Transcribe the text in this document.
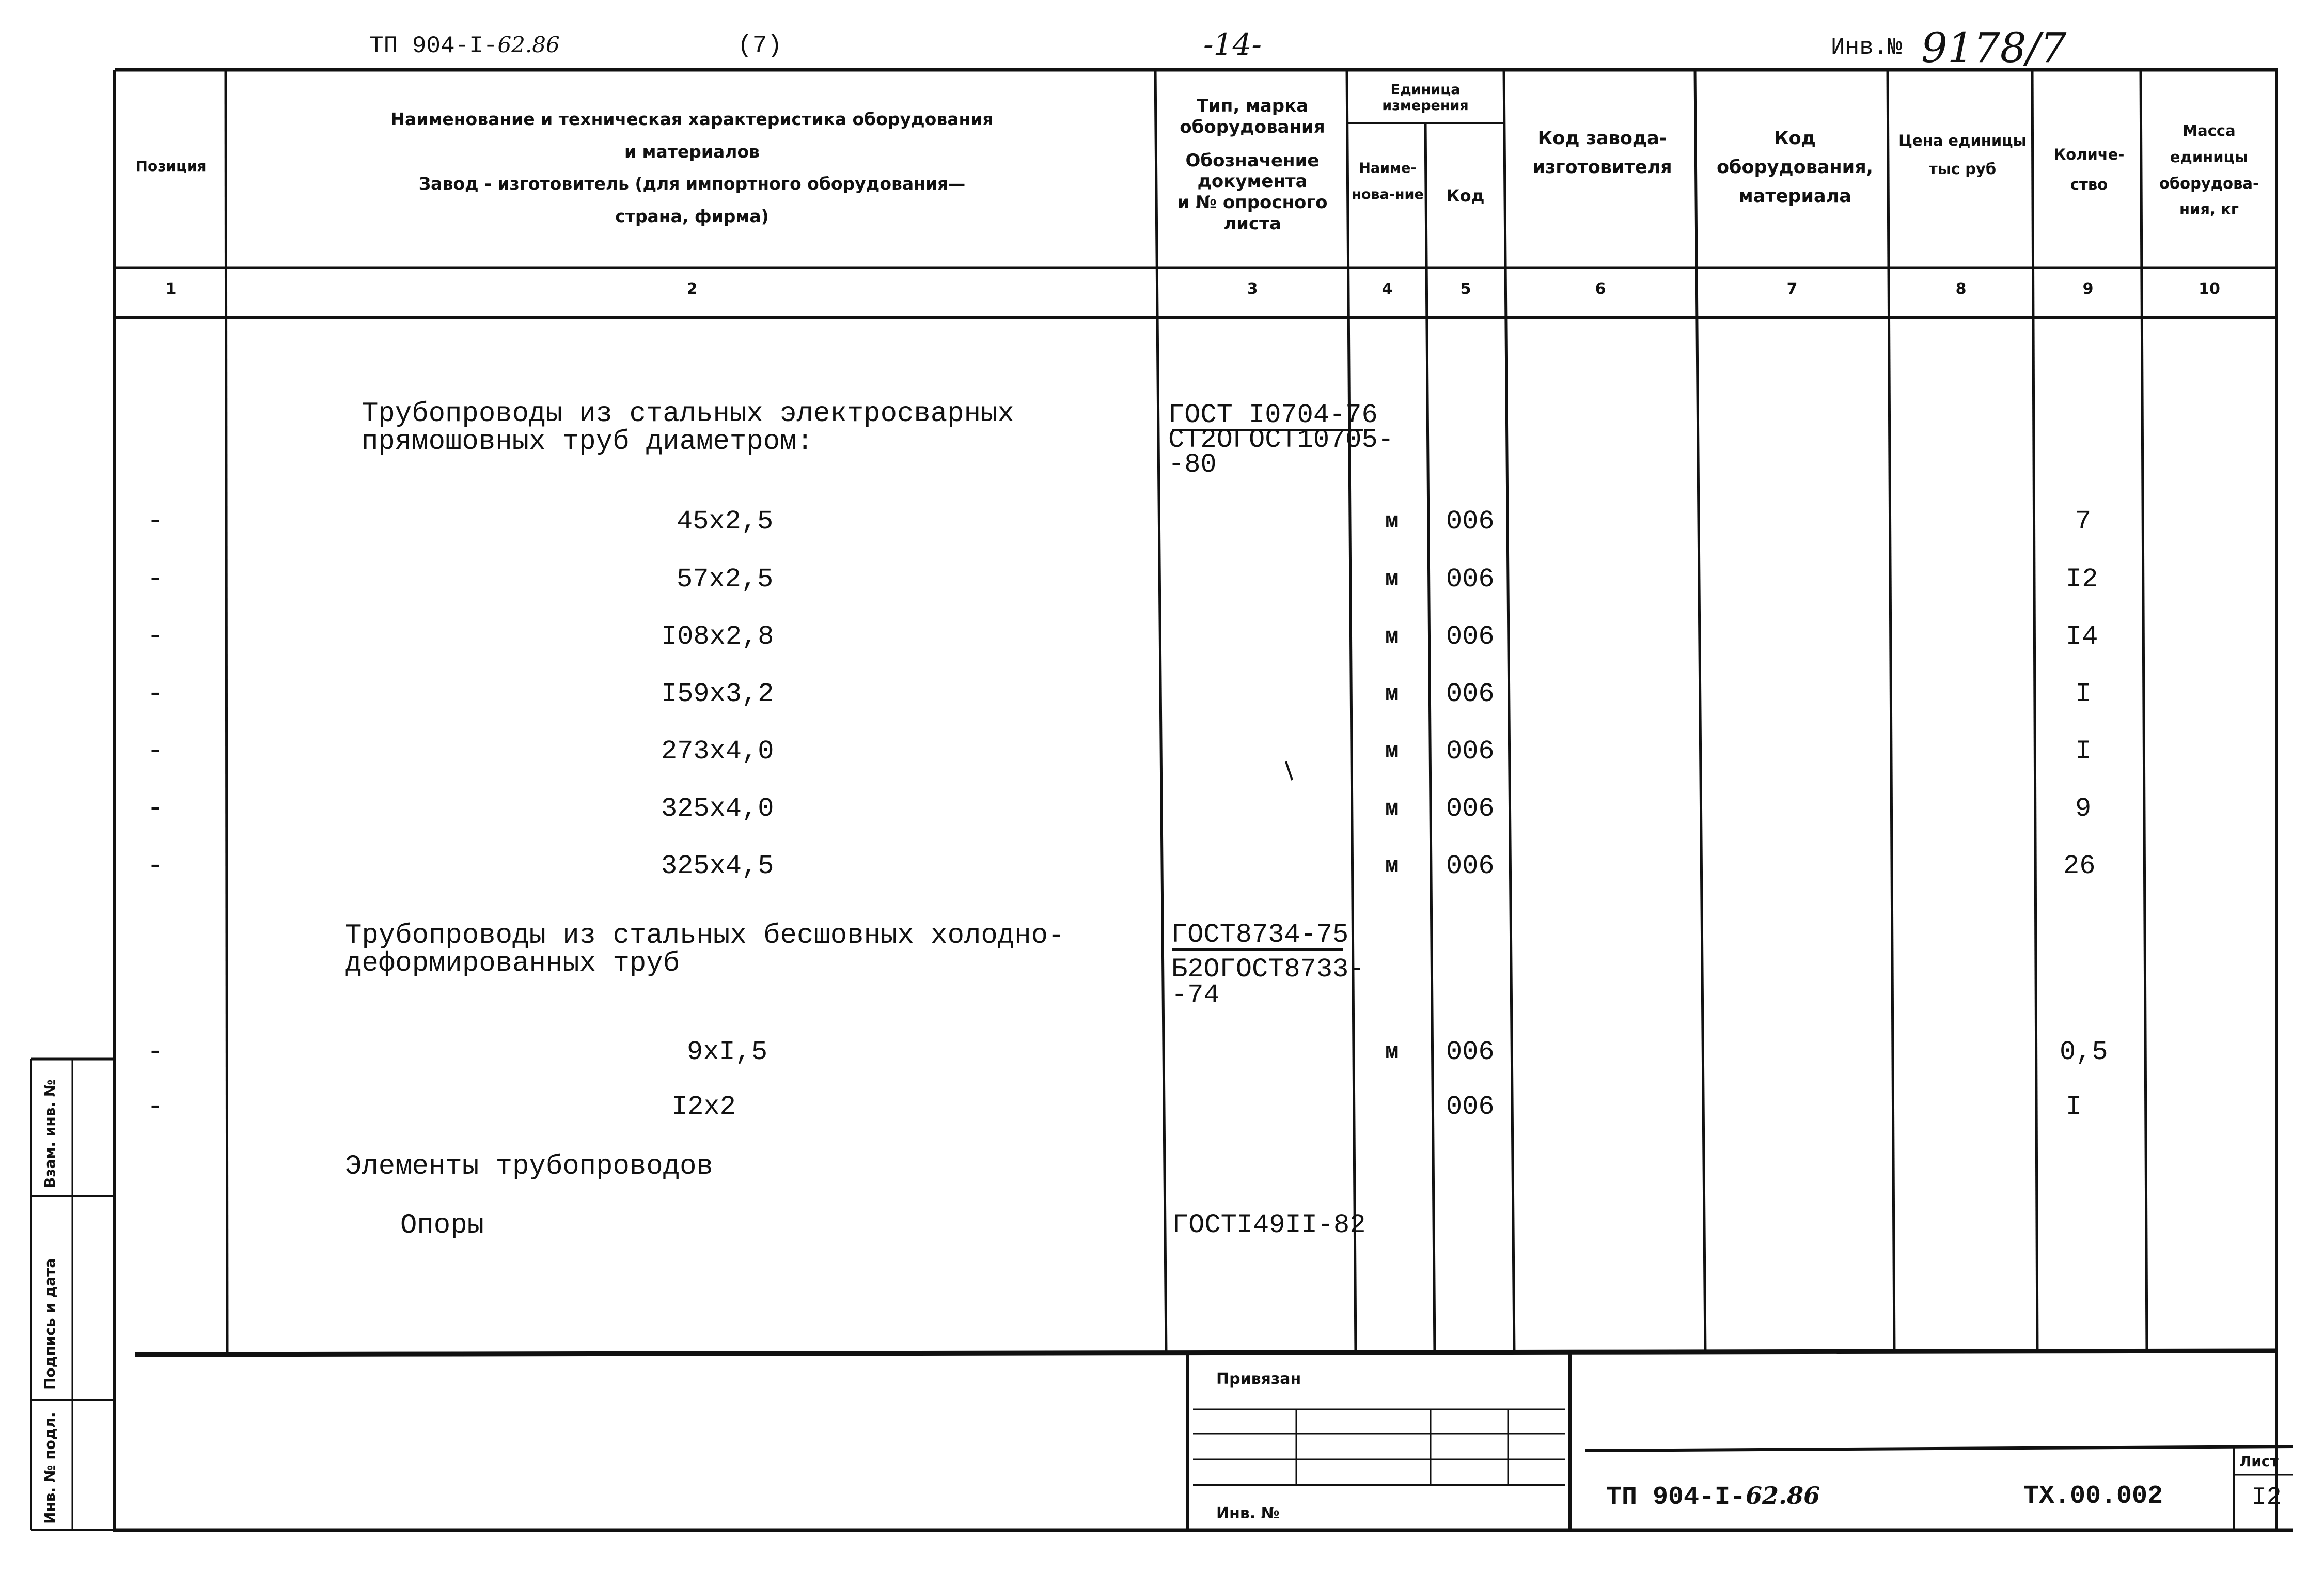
ТП 904-I-62.86	(7)	-14-	Инв.№ 9178/7
Позиция
Наименование и техническая характеристика оборудования
и материалов
Завод - изготовитель (для импортного оборудования—
страна, фирма)
Тип, марка
оборудования
Обозначение
документа
и № опросного
листа
Единица измерения
Наиме-нова-ние	Код
Код завода-изготовителя
Код оборудования, материала
Цена единицы тыс руб
Количе-ство
Масса единицы оборудова-ния, кг
1	2	3	4	5	6	7	8	9	10
Трубопроводы из стальных электросварных
прямошовных труб диаметром:
ГОСТ I0704-76
СТ2ОГОСТ10705-
-80
-	45х2,5	м 006	7
-	57х2,5	м 006	I2
-	I08х2,8	м 006	I4
-	I59х3,2	м 006	I
-	273х4,0	м 006	I
-	325х4,0	м 006	9
-	325х4,5	м 006	26
Трубопроводы из стальных бесшовных холодно-
деформированных труб
ГОСТ8734-75
Б2ОГОСТ8733-
-74
-	9хI,5	м 006	0,5
-	I2х2	006	I
Элементы трубопроводов
Опоры	ГОСТI49II-82
Привязан
Инв. №
ТП 904-I-62.86	ТХ.00.002
Лист
I2
Взам. инв. №
Подпись и дата
Инв. № подл.
